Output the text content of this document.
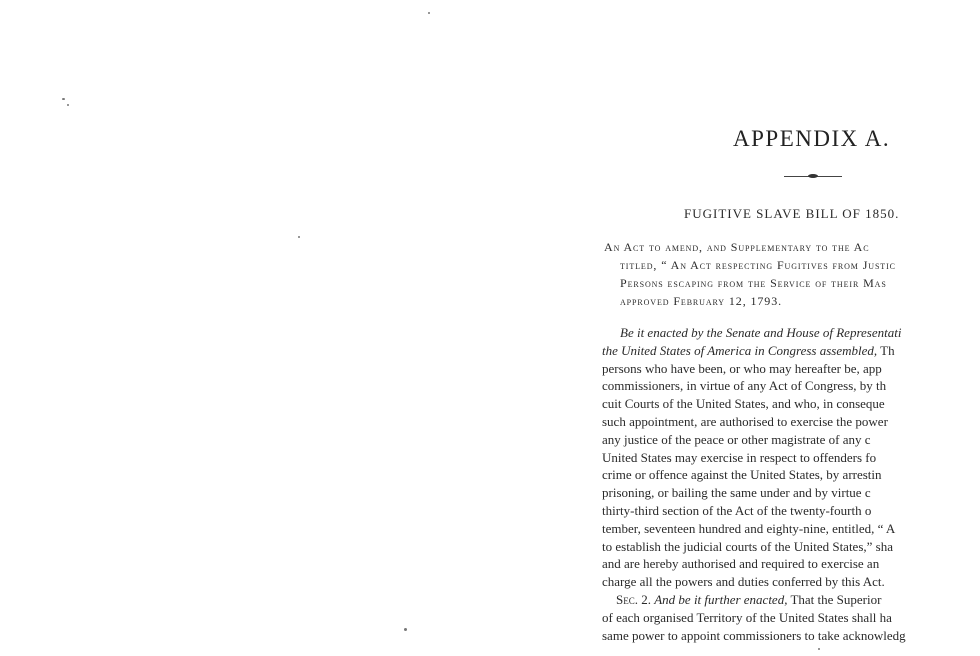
APPENDIX A.
FUGITIVE SLAVE BILL OF 1850.
An Act to amend, and Supplementary to the Ac
titled, “ An Act respecting Fugitives from Justic
Persons escaping from the Service of their Mas
approved February 12, 1793.
Be it enacted by the Senate and House of Representati
the United States of America in Congress assembled, Th
persons who have been, or who may hereafter be, app
commissioners, in virtue of any Act of Congress, by th
cuit Courts of the United States, and who, in conseque
such appointment, are authorised to exercise the power
any justice of the peace or other magistrate of any c
United States may exercise in respect to offenders fo
crime or offence against the United States, by arrestin
prisoning, or bailing the same under and by virtue c
thirty-third section of the Act of the twenty-fourth o
tember, seventeen hundred and eighty-nine, entitled, “ A
to establish the judicial courts of the United States,” sha
and are hereby authorised and required to exercise an
charge all the powers and duties conferred by this Act.
Sec. 2. And be it further enacted, That the Superior
of each organised Territory of the United States shall ha
same power to appoint commissioners to take acknowledg
